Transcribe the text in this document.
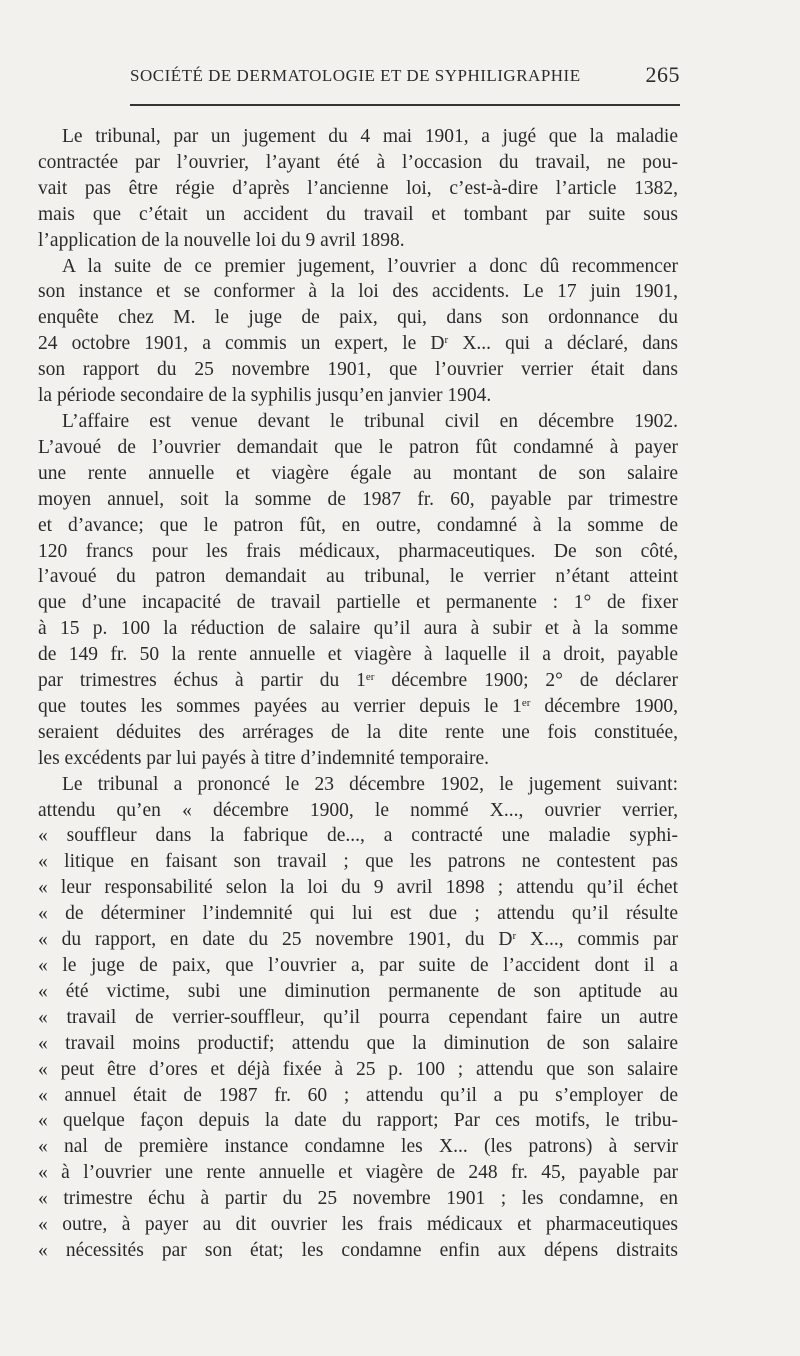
SOCIÉTÉ DE DERMATOLOGIE ET DE SYPHILIGRAPHIE	265
Le tribunal, par un jugement du 4 mai 1901, a jugé que la maladie
contractée par l’ouvrier, l’ayant été à l’occasion du travail, ne pou-
vait pas être régie d’après l’ancienne loi, c’est-à-dire l’article 1382,
mais que c’était un accident du travail et tombant par suite sous
l’application de la nouvelle loi du 9 avril 1898.
A la suite de ce premier jugement, l’ouvrier a donc dû recommencer
son instance et se conformer à la loi des accidents. Le 17 juin 1901,
enquête chez M. le juge de paix, qui, dans son ordonnance du
24 octobre 1901, a commis un expert, le $D^r$ X... qui a déclaré, dans
son rapport du 25 novembre 1901, que l’ouvrier verrier était dans
la période secondaire de la syphilis jusqu’en janvier 1904.
L’affaire est venue devant le tribunal civil en décembre 1902.
L’avoué de l’ouvrier demandait que le patron fût condamné à payer
une rente annuelle et viagère égale au montant de son salaire
moyen annuel, soit la somme de 1987 fr. 60, payable par trimestre
et d’avance; que le patron fût, en outre, condamné à la somme de
120 francs pour les frais médicaux, pharmaceutiques. De son côté,
l’avoué du patron demandait au tribunal, le verrier n’étant atteint
que d’une incapacité de travail partielle et permanente : 1° de fixer
à 15 p. 100 la réduction de salaire qu’il aura à subir et à la somme
de 149 fr. 50 la rente annuelle et viagère à laquelle il a droit, payable
par trimestres échus à partir du 1er décembre 1900; 2° de déclarer
que toutes les sommes payées au verrier depuis le 1er décembre 1900,
seraient déduites des arrérages de la dite rente une fois constituée,
les excédents par lui payés à titre d’indemnité temporaire.
Le tribunal a prononcé le 23 décembre 1902, le jugement suivant:
attendu qu’en « décembre 1900, le nommé X..., ouvrier verrier,
« souffleur dans la fabrique de..., a contracté une maladie syphi-
« litique en faisant son travail ; que les patrons ne contestent pas
« leur responsabilité selon la loi du 9 avril 1898 ; attendu qu’il échet
« de déterminer l’indemnité qui lui est due ; attendu qu’il résulte
« du rapport, en date du 25 novembre 1901, du $D^r$ X..., commis par
« le juge de paix, que l’ouvrier a, par suite de l’accident dont il a
« été victime, subi une diminution permanente de son aptitude au
« travail de verrier-souffleur, qu’il pourra cependant faire un autre
« travail moins productif; attendu que la diminution de son salaire
« peut être d’ores et déjà fixée à 25 p. 100 ; attendu que son salaire
« annuel était de 1987 fr. 60 ; attendu qu’il a pu s’employer de
« quelque façon depuis la date du rapport; Par ces motifs, le tribu-
« nal de première instance condamne les X... (les patrons) à servir
« à l’ouvrier une rente annuelle et viagère de 248 fr. 45, payable par
« trimestre échu à partir du 25 novembre 1901 ; les condamne, en
« outre, à payer au dit ouvrier les frais médicaux et pharmaceutiques
« nécessités par son état; les condamne enfin aux dépens distraits
